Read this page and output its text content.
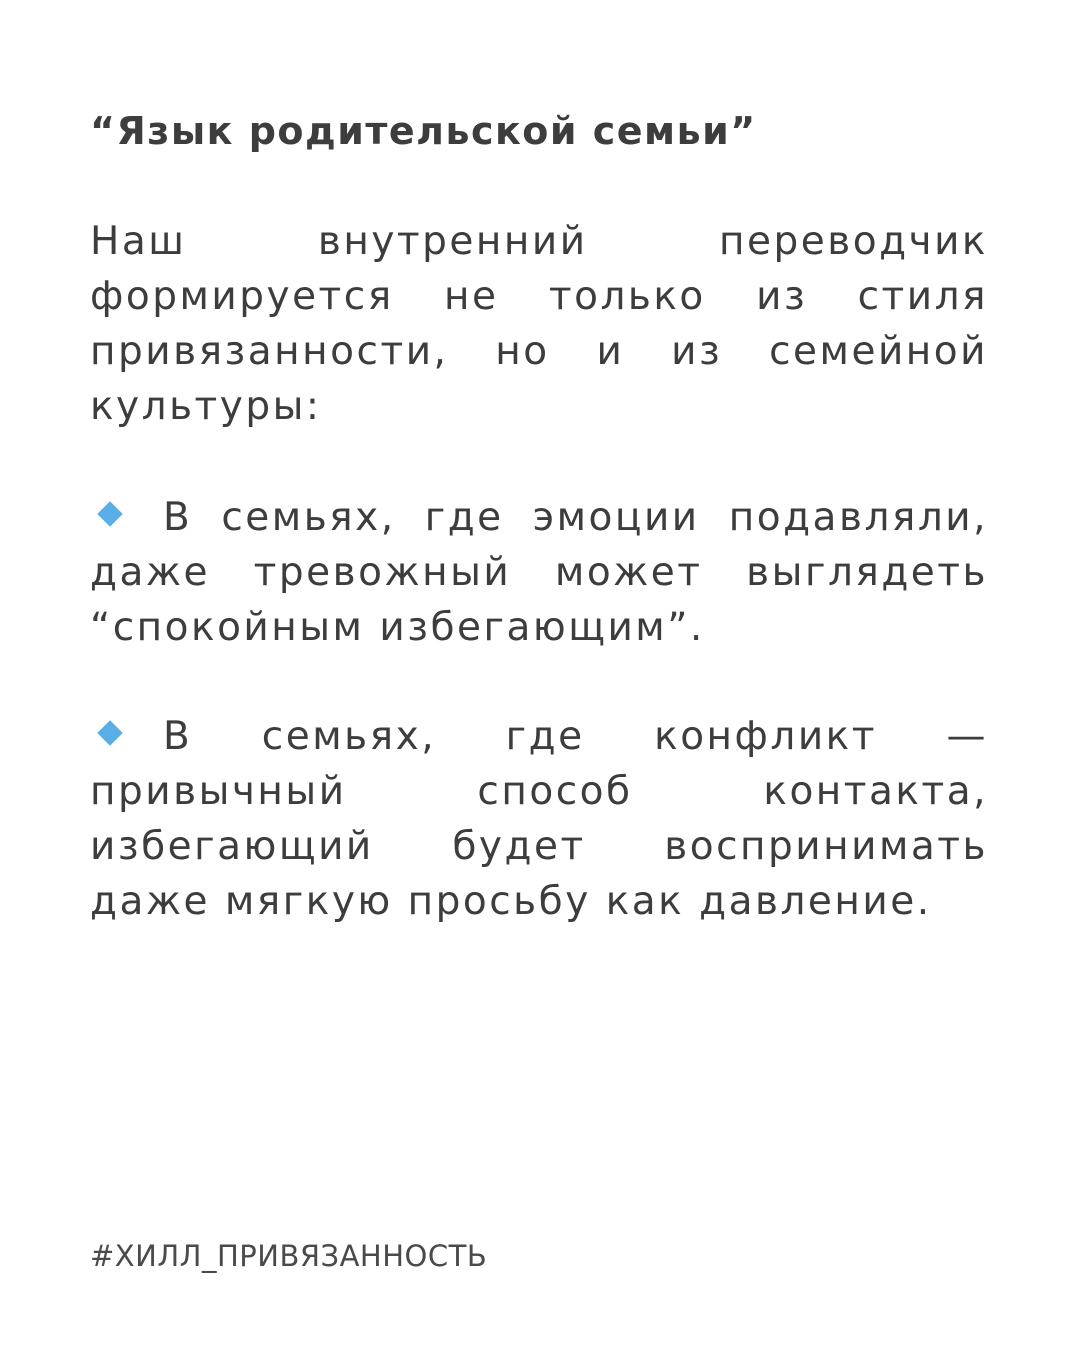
“Язык родительской семьи”

Наш внутренний переводчик формируется не только из стиля привязанности, но и из семейной культуры:

В семьях, где эмоции подавляли, даже тревожный может выглядеть “спокойным избегающим”.

В семьях, где конфликт — привычный способ контакта, избегающий будет воспринимать даже мягкую просьбу как давление.

#ХИЛЛ_ПРИВЯЗАННОСТЬ
